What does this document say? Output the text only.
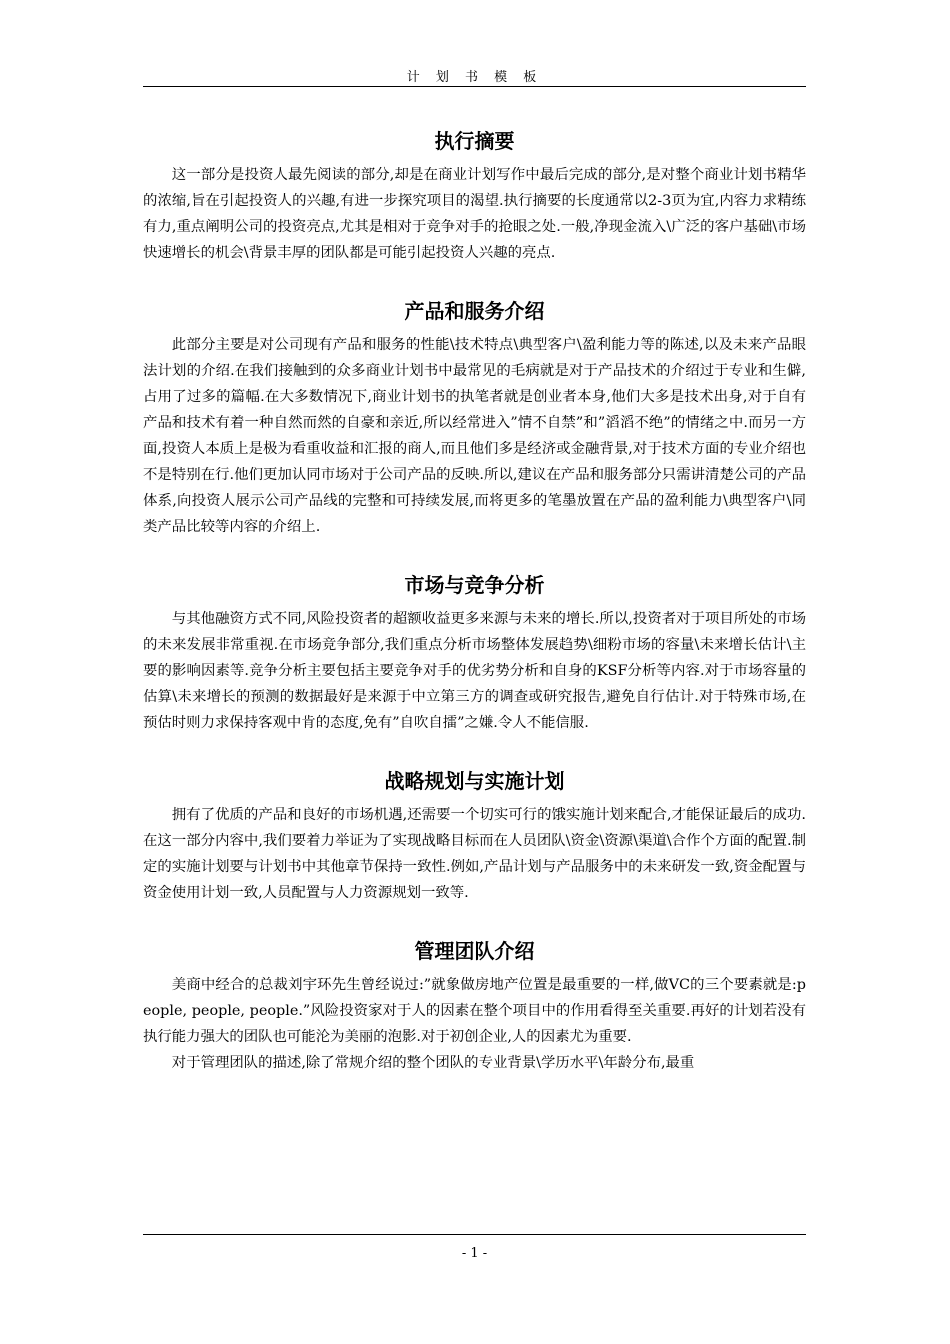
计 划 书 模 板
执行摘要

这一部分是投资人最先阅读的部分,却是在商业计划写作中最后完成的部分,是对整个商业计划书精华的浓缩,旨在引起投资人的兴趣,有进一步探究项目的渴望.执行摘要的长度通常以2-3页为宜,内容力求精练有力,重点阐明公司的投资亮点,尤其是相对于竞争对手的抢眼之处.一般,净现金流入\广泛的客户基础\市场快速增长的机会\背景丰厚的团队都是可能引起投资人兴趣的亮点.

产品和服务介绍

此部分主要是对公司现有产品和服务的性能\技术特点\典型客户\盈利能力等的陈述,以及未来产品眼法计划的介绍.在我们接触到的众多商业计划书中最常见的毛病就是对于产品技术的介绍过于专业和生僻,占用了过多的篇幅.在大多数情况下,商业计划书的执笔者就是创业者本身,他们大多是技术出身,对于自有产品和技术有着一种自然而然的自豪和亲近,所以经常进入”情不自禁”和”滔滔不绝”的情绪之中.而另一方面,投资人本质上是极为看重收益和汇报的商人,而且他们多是经济或金融背景,对于技术方面的专业介绍也不是特别在行.他们更加认同市场对于公司产品的反映.所以,建议在产品和服务部分只需讲清楚公司的产品体系,向投资人展示公司产品线的完整和可持续发展,而将更多的笔墨放置在产品的盈利能力\典型客户\同类产品比较等内容的介绍上.

市场与竞争分析

与其他融资方式不同,风险投资者的超额收益更多来源与未来的增长.所以,投资者对于项目所处的市场的未来发展非常重视.在市场竞争部分,我们重点分析市场整体发展趋势\细粉市场的容量\未来增长估计\主要的影响因素等.竞争分析主要包括主要竞争对手的优劣势分析和自身的KSF分析等内容.对于市场容量的估算\未来增长的预测的数据最好是来源于中立第三方的调查或研究报告,避免自行估计.对于特殊市场,在预估时则力求保持客观中肯的态度,免有”自吹自擂”之嫌.令人不能信服.

战略规划与实施计划

拥有了优质的产品和良好的市场机遇,还需要一个切实可行的饿实施计划来配合,才能保证最后的成功.在这一部分内容中,我们要着力举证为了实现战略目标而在人员团队\资金\资源\渠道\合作个方面的配置.制定的实施计划要与计划书中其他章节保持一致性.例如,产品计划与产品服务中的未来研发一致,资金配置与资金使用计划一致,人员配置与人力资源规划一致等.

管理团队介绍

美商中经合的总裁刘宇环先生曾经说过:”就象做房地产位置是最重要的一样,做VC的三个要素就是:people, people, people.”风险投资家对于人的因素在整个项目中的作用看得至关重要.再好的计划若没有执行能力强大的团队也可能沦为美丽的泡影.对于初创企业,人的因素尤为重要.

对于管理团队的描述,除了常规介绍的整个团队的专业背景\学历水平\年龄分布,最重

- 1 -
